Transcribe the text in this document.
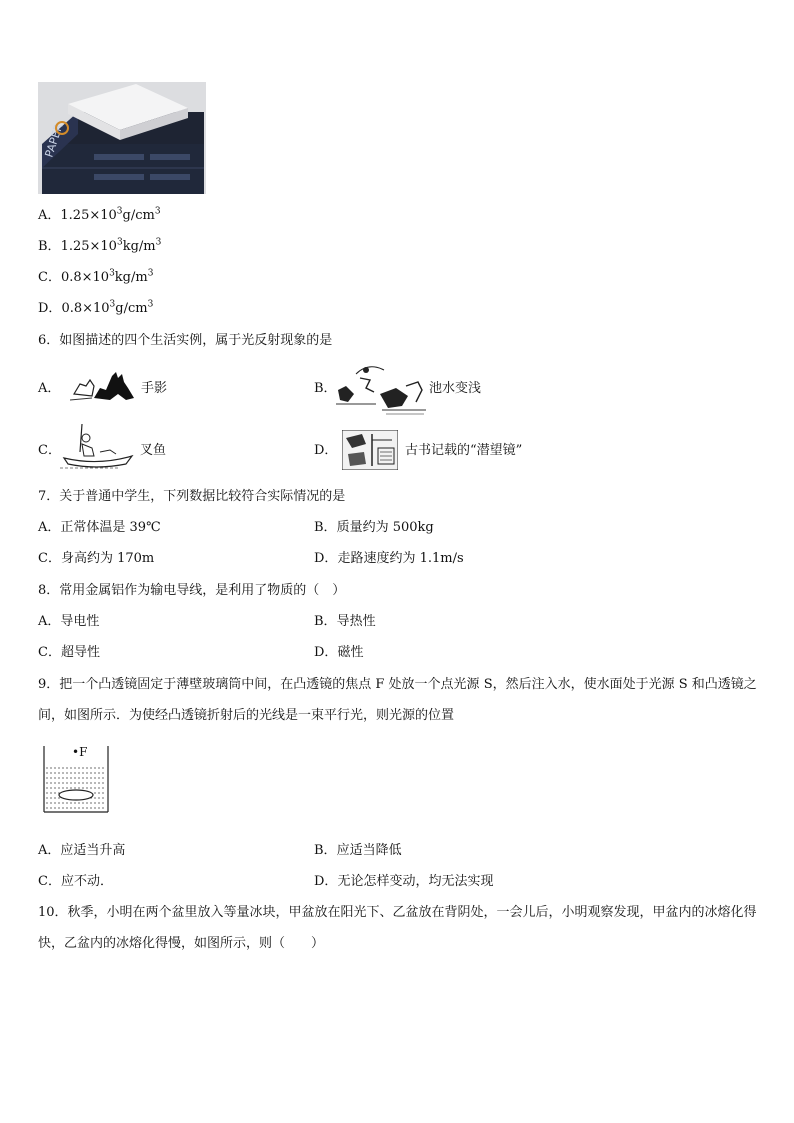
PAPER
A．$1.25\times 10^3g/cm^3$
B．$1.25\times 10^3kg/m^3$
C．$0.8\times 10^3kg/m^3$
D．$0.8\times 10^3g/cm^3$
6．如图描述的四个生活实例，属于光反射现象的是
A．	手影	B．	池水变浅
C．	叉鱼	D．	古书记载的“潜望镜”
7．关于普通中学生，下列数据比较符合实际情况的是
A．正常体温是 39℃	B．质量约为 500kg
C．身高约为 170m	D．走路速度约为 1.1m/s
8．常用金属铝作为输电导线，是利用了物质的（　）
A．导电性	B．导热性
C．超导性	D．磁性
9．把一个凸透镜固定于薄壁玻璃筒中间，在凸透镜的焦点 F 处放一个点光源 S，然后注入水，使水面处于光源 S 和凸透镜之间，如图所示．为使经凸透镜折射后的光线是一束平行光，则光源的位置
•F
A．应适当升高	B．应适当降低
C．应不动．	D．无论怎样变动，均无法实现
10．秋季，小明在两个盆里放入等量冰块，甲盆放在阳光下、乙盆放在背阴处，一会儿后，小明观察发现，甲盆内的冰熔化得快，乙盆内的冰熔化得慢，如图所示，则（　　）
